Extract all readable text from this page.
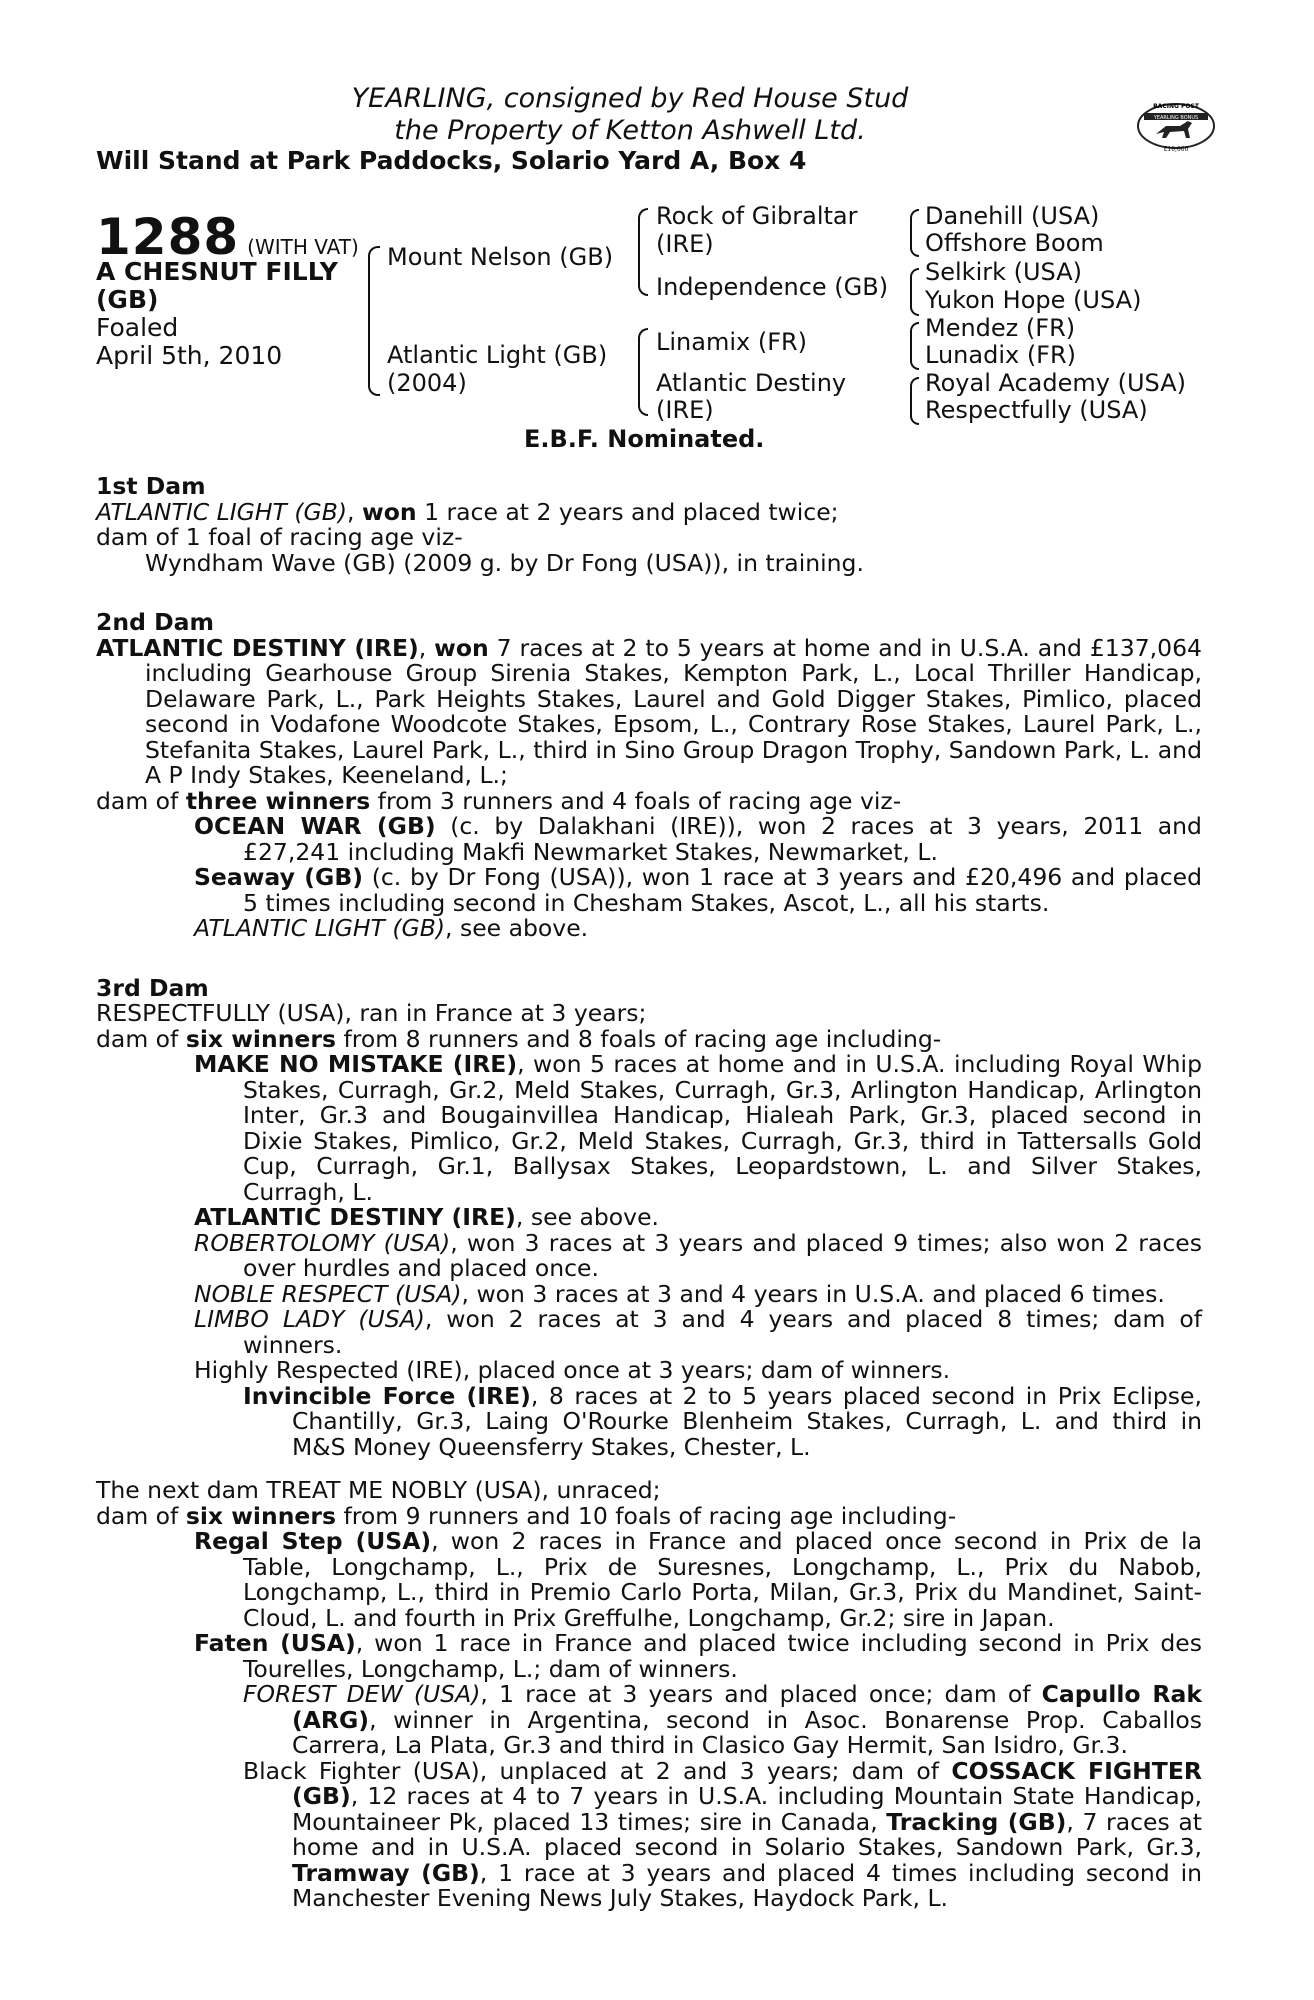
YEARLING, consigned by Red House Stud
the Property of Ketton Ashwell Ltd.
Will Stand at Park Paddocks, Solario Yard A, Box 4
RACING POST
YEARLING BONUS
£10,000
1288 (WITH VAT)
A CHESNUT FILLY
(GB)
Foaled
April 5th, 2010
Mount Nelson (GB)
Atlantic Light (GB)
(2004)
Rock of Gibraltar
(IRE)
Independence (GB)
Linamix (FR)
Atlantic Destiny
(IRE)
Danehill (USA)
Offshore Boom
Selkirk (USA)
Yukon Hope (USA)
Mendez (FR)
Lunadix (FR)
Royal Academy (USA)
Respectfully (USA)
E.B.F. Nominated.
1st Dam
ATLANTIC LIGHT (GB), won 1 race at 2 years and placed twice;
dam of 1 foal of racing age viz-
Wyndham Wave (GB) (2009 g. by Dr Fong (USA)), in training.
2nd Dam
ATLANTIC DESTINY (IRE), won 7 races at 2 to 5 years at home and in U.S.A. and £137,064 including Gearhouse Group Sirenia Stakes, Kempton Park, L., Local Thriller Handicap, Delaware Park, L., Park Heights Stakes, Laurel and Gold Digger Stakes, Pimlico, placed second in Vodafone Woodcote Stakes, Epsom, L., Contrary Rose Stakes, Laurel Park, L., Stefanita Stakes, Laurel Park, L., third in Sino Group Dragon Trophy, Sandown Park, L. and A P Indy Stakes, Keeneland, L.;
dam of three winners from 3 runners and 4 foals of racing age viz-
OCEAN WAR (GB) (c. by Dalakhani (IRE)), won 2 races at 3 years, 2011 and £27,241 including Makfi Newmarket Stakes, Newmarket, L.
Seaway (GB) (c. by Dr Fong (USA)), won 1 race at 3 years and £20,496 and placed 5 times including second in Chesham Stakes, Ascot, L., all his starts.
ATLANTIC LIGHT (GB), see above.
3rd Dam
RESPECTFULLY (USA), ran in France at 3 years;
dam of six winners from 8 runners and 8 foals of racing age including-
MAKE NO MISTAKE (IRE), won 5 races at home and in U.S.A. including Royal Whip Stakes, Curragh, Gr.2, Meld Stakes, Curragh, Gr.3, Arlington Handicap, Arlington Inter, Gr.3 and Bougainvillea Handicap, Hialeah Park, Gr.3, placed second in Dixie Stakes, Pimlico, Gr.2, Meld Stakes, Curragh, Gr.3, third in Tattersalls Gold Cup, Curragh, Gr.1, Ballysax Stakes, Leopardstown, L. and Silver Stakes, Curragh, L.
ATLANTIC DESTINY (IRE), see above.
ROBERTOLOMY (USA), won 3 races at 3 years and placed 9 times; also won 2 races over hurdles and placed once.
NOBLE RESPECT (USA), won 3 races at 3 and 4 years in U.S.A. and placed 6 times.
LIMBO LADY (USA), won 2 races at 3 and 4 years and placed 8 times; dam of winners.
Highly Respected (IRE), placed once at 3 years; dam of winners.
Invincible Force (IRE), 8 races at 2 to 5 years placed second in Prix Eclipse, Chantilly, Gr.3, Laing O'Rourke Blenheim Stakes, Curragh, L. and third in M&S Money Queensferry Stakes, Chester, L.
The next dam TREAT ME NOBLY (USA), unraced;
dam of six winners from 9 runners and 10 foals of racing age including-
Regal Step (USA), won 2 races in France and placed once second in Prix de la Table, Longchamp, L., Prix de Suresnes, Longchamp, L., Prix du Nabob, Longchamp, L., third in Premio Carlo Porta, Milan, Gr.3, Prix du Mandinet, Saint-Cloud, L. and fourth in Prix Greffulhe, Longchamp, Gr.2; sire in Japan.
Faten (USA), won 1 race in France and placed twice including second in Prix des Tourelles, Longchamp, L.; dam of winners.
FOREST DEW (USA), 1 race at 3 years and placed once; dam of Capullo Rak (ARG), winner in Argentina, second in Asoc. Bonarense Prop. Caballos Carrera, La Plata, Gr.3 and third in Clasico Gay Hermit, San Isidro, Gr.3.
Black Fighter (USA), unplaced at 2 and 3 years; dam of COSSACK FIGHTER (GB), 12 races at 4 to 7 years in U.S.A. including Mountain State Handicap, Mountaineer Pk, placed 13 times; sire in Canada, Tracking (GB), 7 races at home and in U.S.A. placed second in Solario Stakes, Sandown Park, Gr.3, Tramway (GB), 1 race at 3 years and placed 4 times including second in Manchester Evening News July Stakes, Haydock Park, L.
